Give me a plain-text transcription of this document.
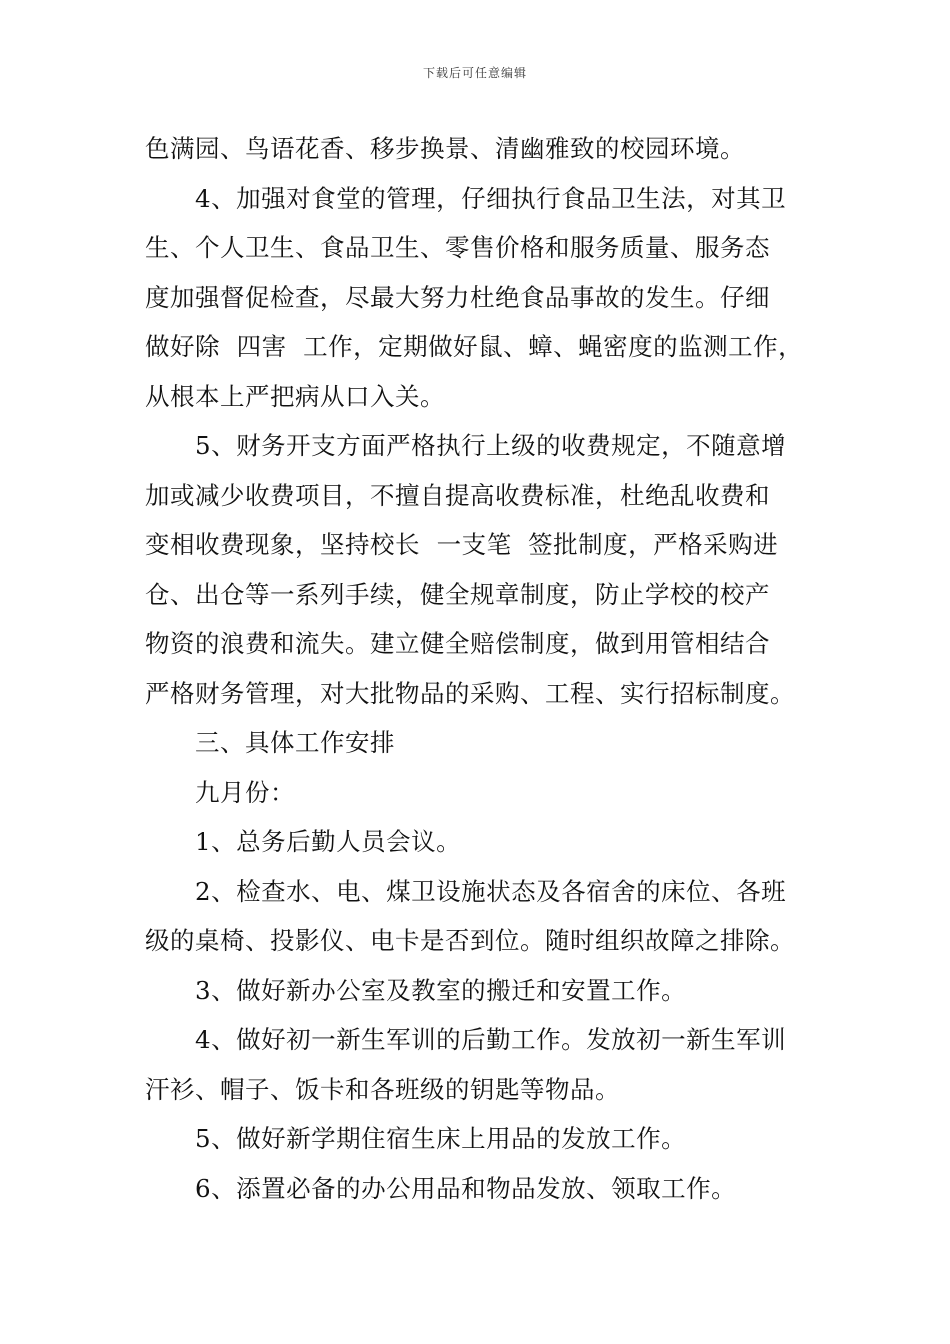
下载后可任意编辑
色满园、鸟语花香、移步换景、清幽雅致的校园环境。
4、加强对食堂的管理，仔细执行食品卫生法，对其卫
生、个人卫生、食品卫生、零售价格和服务质量、服务态
度加强督促检查，尽最大努力杜绝食品事故的发生。仔细
做好除  四害  工作，定期做好鼠、蟑、蝇密度的监测工作，
从根本上严把病从口入关。
5、财务开支方面严格执行上级的收费规定，不随意增
加或减少收费项目，不擅自提高收费标准，杜绝乱收费和
变相收费现象，坚持校长  一支笔  签批制度，严格采购进
仓、出仓等一系列手续，健全规章制度，防止学校的校产
物资的浪费和流失。建立健全赔偿制度，做到用管相结合
严格财务管理，对大批物品的采购、工程、实行招标制度。
三、具体工作安排
九月份：
1、总务后勤人员会议。
2、检查水、电、煤卫设施状态及各宿舍的床位、各班
级的桌椅、投影仪、电卡是否到位。随时组织故障之排除。
3、做好新办公室及教室的搬迁和安置工作。
4、做好初一新生军训的后勤工作。发放初一新生军训
汗衫、帽子、饭卡和各班级的钥匙等物品。
5、做好新学期住宿生床上用品的发放工作。
6、添置必备的办公用品和物品发放、领取工作。
